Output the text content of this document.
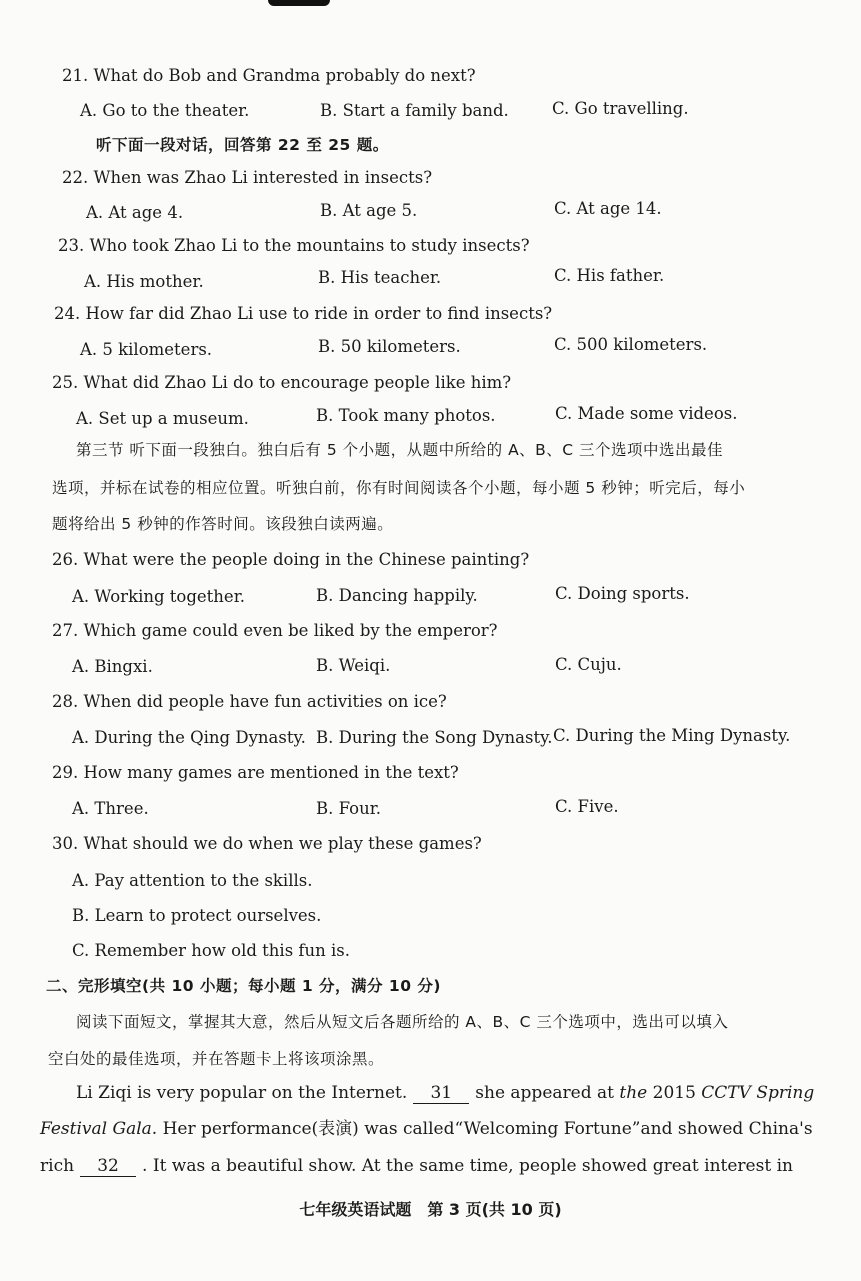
21. What do Bob and Grandma probably do next?
A. Go to the theater.	B. Start a family band.	C. Go travelling.
听下面一段对话，回答第 22 至 25 题。
22. When was Zhao Li interested in insects?
A. At age 4.	B. At age 5.	C. At age 14.
23. Who took Zhao Li to the mountains to study insects?
A. His mother.	B. His teacher.	C. His father.
24. How far did Zhao Li use to ride in order to find insects?
A. 5 kilometers.	B. 50 kilometers.	C. 500 kilometers.
25. What did Zhao Li do to encourage people like him?
A. Set up a museum.	B. Took many photos.	C. Made some videos.
第三节 听下面一段独白。独白后有 5 个小题，从题中所给的 A、B、C 三个选项中选出最佳
选项，并标在试卷的相应位置。听独白前，你有时间阅读各个小题，每小题 5 秒钟；听完后，每小
题将给出 5 秒钟的作答时间。该段独白读两遍。
26. What were the people doing in the Chinese painting?
A. Working together.	B. Dancing happily.	C. Doing sports.
27. Which game could even be liked by the emperor?
A. Bingxi.	B. Weiqi.	C. Cuju.
28. When did people have fun activities on ice?
A. During the Qing Dynasty. B. During the Song Dynasty. C. During the Ming Dynasty.
29. How many games are mentioned in the text?
A. Three.	B. Four.	C. Five.
30. What should we do when we play these games?
A. Pay attention to the skills.
B. Learn to protect ourselves.
C. Remember how old this fun is.
二、完形填空(共 10 小题；每小题 1 分，满分 10 分)
阅读下面短文，掌握其大意，然后从短文后各题所给的 A、B、C 三个选项中，选出可以填入
空白处的最佳选项，并在答题卡上将该项涂黑。
Li Ziqi is very popular on the Internet. 31 she appeared at the 2015 CCTV Spring
Festival Gala. Her performance(表演) was called“Welcoming Fortune”and showed China's
rich 32 . It was a beautiful show. At the same time, people showed great interest in
七年级英语试题　第 3 页(共 10 页)
